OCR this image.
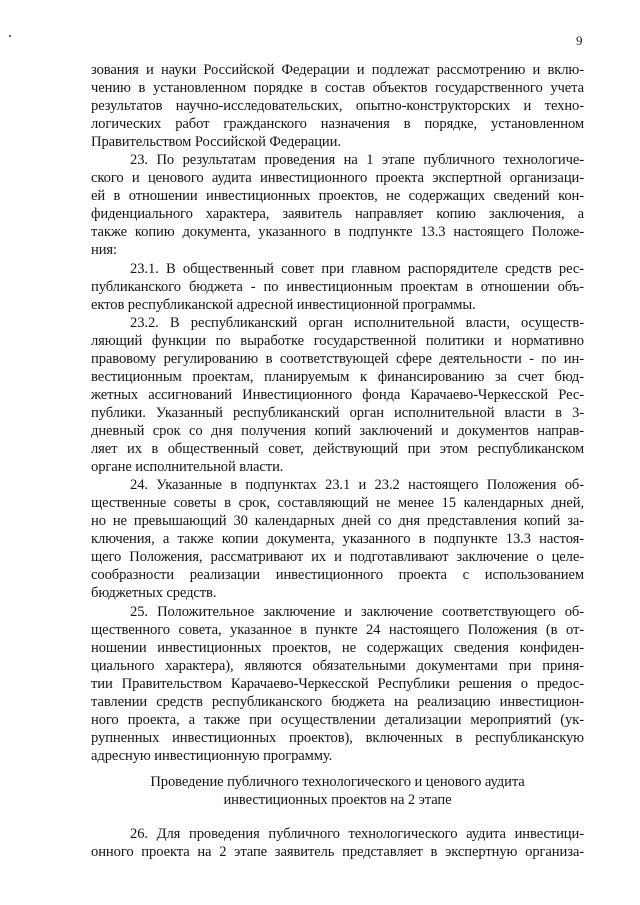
9
зования и науки Российской Федерации и подлежат рассмотрению и вклю-
чению в установленном порядке в состав объектов государственного учета
результатов научно-исследовательских, опытно-конструкторских и техно-
логических работ гражданского назначения в порядке, установленном
Правительством Российской Федерации.
23. По результатам проведения на 1 этапе публичного технологиче-
ского и ценового аудита инвестиционного проекта экспертной организаци-
ей в отношении инвестиционных проектов, не содержащих сведений кон-
фиденциального характера, заявитель направляет копию заключения, а
также копию документа, указанного в подпункте 13.3 настоящего Положе-
ния:
23.1. В общественный совет при главном распорядителе средств рес-
публиканского бюджета - по инвестиционным проектам в отношении объ-
ектов республиканской адресной инвестиционной программы.
23.2. В республиканский орган исполнительной власти, осуществ-
ляющий функции по выработке государственной политики и нормативно
правовому регулированию в соответствующей сфере деятельности - по ин-
вестиционным проектам, планируемым к финансированию за счет бюд-
жетных ассигнований Инвестиционного фонда Карачаево-Черкесской Рес-
публики. Указанный республиканский орган исполнительной власти в 3-
дневный срок со дня получения копий заключений и документов направ-
ляет их в общественный совет, действующий при этом республиканском
органе исполнительной власти.
24. Указанные в подпунктах 23.1 и 23.2 настоящего Положения об-
щественные советы в срок, составляющий не менее 15 календарных дней,
но не превышающий 30 календарных дней со дня представления копий за-
ключения, а также копии документа, указанного в подпункте 13.3 настоя-
щего Положения, рассматривают их и подготавливают заключение о целе-
сообразности реализации инвестиционного проекта с использованием
бюджетных средств.
25. Положительное заключение и заключение соответствующего об-
щественного совета, указанное в пункте 24 настоящего Положения (в от-
ношении инвестиционных проектов, не содержащих сведения конфиден-
циального характера), являются обязательными документами при приня-
тии Правительством Карачаево-Черкесской Республики решения о предос-
тавлении средств республиканского бюджета на реализацию инвестицион-
ного проекта, а также при осуществлении детализации мероприятий (ук-
рупненных инвестиционных проектов), включенных в республиканскую
адресную инвестиционную программу.
Проведение публичного технологического и ценового аудита
инвестиционных проектов на 2 этапе
26. Для проведения публичного технологического аудита инвестици-
онного проекта на 2 этапе заявитель представляет в экспертную организа-
